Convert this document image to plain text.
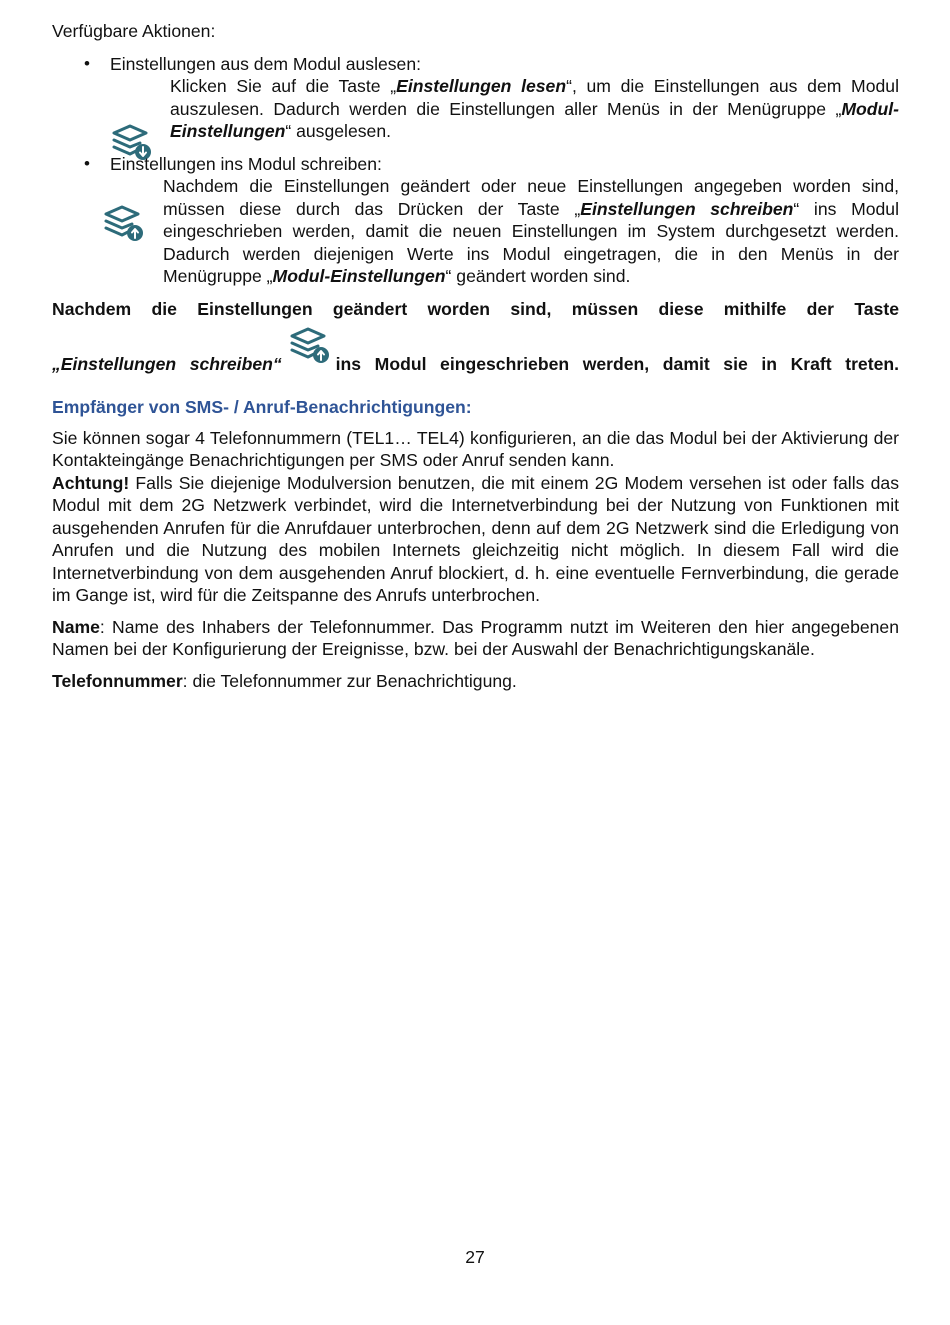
Verfügbare Aktionen:

• Einstellungen aus dem Modul auslesen:

Klicken Sie auf die Taste „Einstellungen lesen“, um die Einstellungen aus dem Modul auszulesen. Dadurch werden die Einstellungen aller Menüs in der Menügruppe „Modul-Einstellungen“ ausgelesen.

• Einstellungen ins Modul schreiben:

Nachdem die Einstellungen geändert oder neue Einstellungen angegeben worden sind, müssen diese durch das Drücken der Taste „Einstellungen schreiben“ ins Modul eingeschrieben werden, damit die neuen Einstellungen im System durchgesetzt werden. Dadurch werden diejenigen Werte ins Modul eingetragen, die in den Menüs in der Menügruppe „Modul-Einstellungen“ geändert worden sind.

Nachdem die Einstellungen geändert worden sind, müssen diese mithilfe der Taste

„Einstellungen schreiben“	ins Modul eingeschrieben werden, damit sie in Kraft treten.

Empfänger von SMS- / Anruf-Benachrichtigungen:

Sie können sogar 4 Telefonnummern (TEL1… TEL4) konfigurieren, an die das Modul bei der Aktivierung der Kontakteingänge Benachrichtigungen per SMS oder Anruf senden kann.
Achtung! Falls Sie diejenige Modulversion benutzen, die mit einem 2G Modem versehen ist oder falls das Modul mit dem 2G Netzwerk verbindet, wird die Internetverbindung bei der Nutzung von Funktionen mit ausgehenden Anrufen für die Anrufdauer unterbrochen, denn auf dem 2G Netzwerk sind die Erledigung von Anrufen und die Nutzung des mobilen Internets gleichzeitig nicht möglich. In diesem Fall wird die Internetverbindung von dem ausgehenden Anruf blockiert, d. h. eine eventuelle Fernverbindung, die gerade im Gange ist, wird für die Zeitspanne des Anrufs unterbrochen.

Name: Name des Inhabers der Telefonnummer. Das Programm nutzt im Weiteren den hier angegebenen Namen bei der Konfigurierung der Ereignisse, bzw. bei der Auswahl der Benachrichtigungskanäle.

Telefonnummer: die Telefonnummer zur Benachrichtigung.

27
